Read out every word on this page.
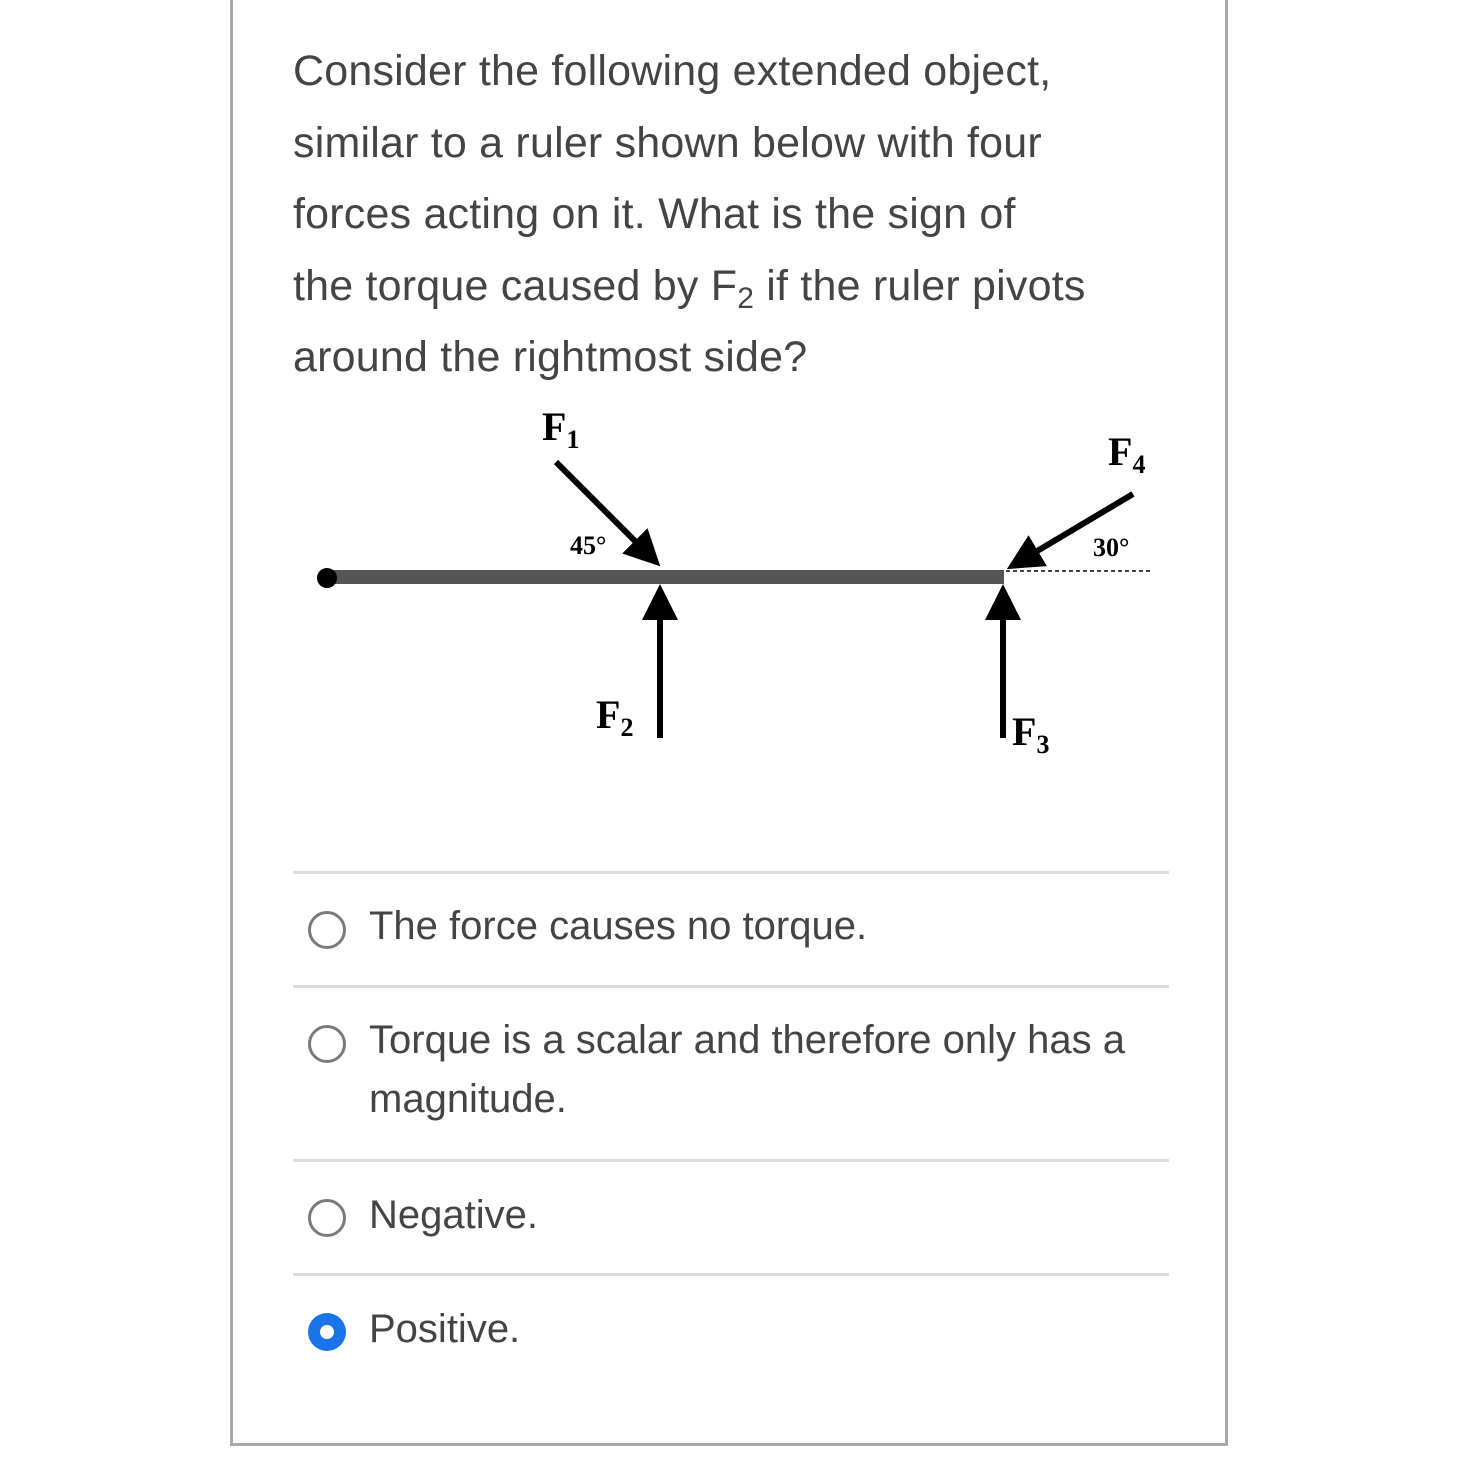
Consider the following extended object,
similar to a ruler shown below with four
forces acting on it. What is the sign of
the torque caused by $F_2$ if the ruler pivots
around the rightmost side?
$F_1$	$F_4$
$F_2$	$F_3$
45°	30°
The force causes no torque.
Torque is a scalar and therefore only has a magnitude.
Negative.
Positive.
